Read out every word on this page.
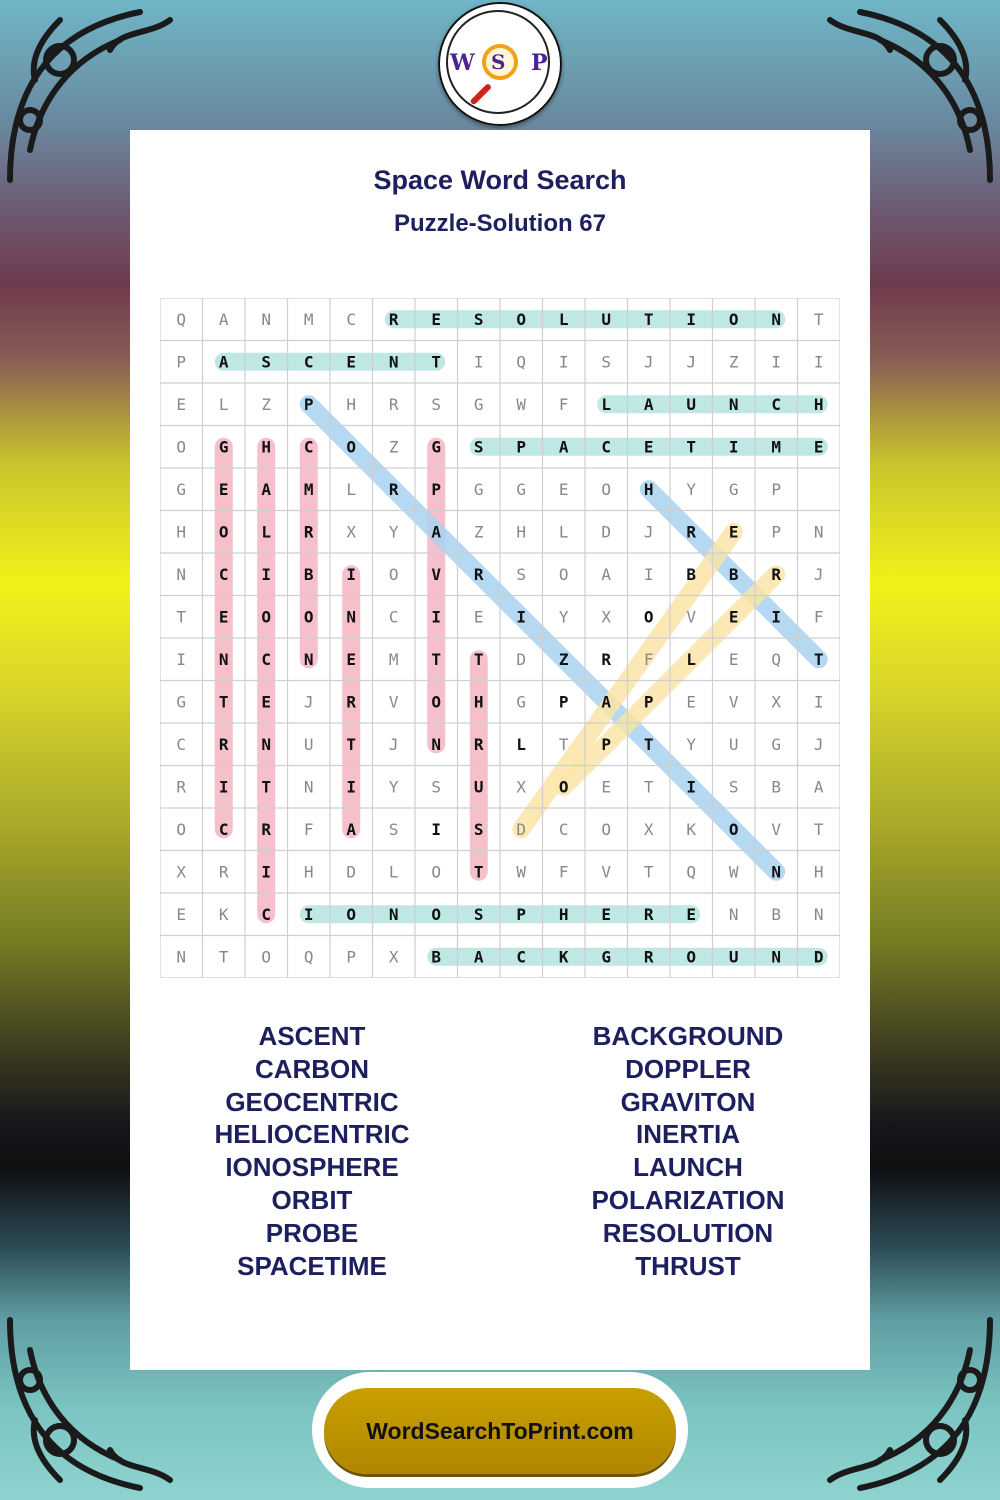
W S P
Space Word Search
Puzzle-Solution 67
Q A N M C R E S O L U T I O N T
P A S C E N T I Q I S J J Z I I
E L Z P H R S G W F L A U N C H
O G H C O Z G S P A C E T I M E
G E A M L R P G G E O H Y G P
H O L R X Y A Z H L D J R E P N
N C I B I O V R S O A I B B R J
T E O O N C I E I Y X O V E I F
I N C N E M T T D Z R F L E Q T
G T E J R V O H G P A P E V X I
C R N U T J N R L T P T Y U G J
R I T N I Y S U X O E T I S B A
O C R F A S I S D C O X K O V T
X R I H D L O T W F V T Q W N H
E K C I O N O S P H E R E N B N
N T O Q P X B A C K G R O U N D
ASCENT
CARBON
GEOCENTRIC
HELIOCENTRIC
IONOSPHERE
ORBIT
PROBE
SPACETIME
BACKGROUND
DOPPLER
GRAVITON
INERTIA
LAUNCH
POLARIZATION
RESOLUTION
THRUST
WordSearchToPrint.com
